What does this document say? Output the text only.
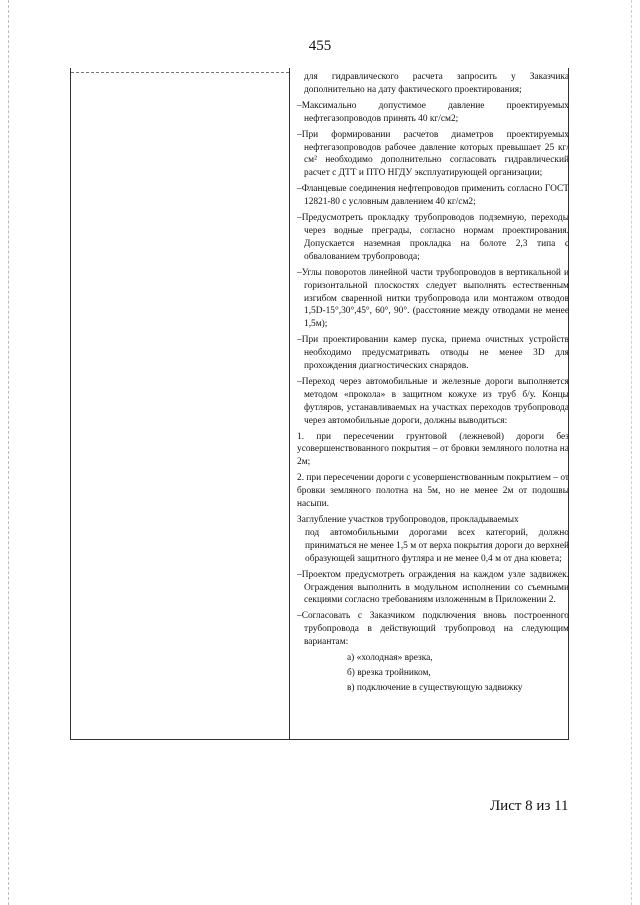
455

для гидравлического расчета запросить у Заказчика дополнительно на дату фактического проектирования;

–Максимально допустимое давление проектируемых нефтегазопроводов принять 40 кг/см2;

–При формировании расчетов диаметров проектируемых нефтегазопроводов рабочее давление которых превышает 25 кг/см² необходимо дополнительно согласовать гидравлический расчет с ДТТ и ПТО НГДУ эксплуатирующей организации;

–Фланцевые соединения нефтепроводов применить согласно ГОСТ 12821-80 с условным давлением 40 кг/см2;

–Предусмотреть прокладку трубопроводов подземную, переходы через водные преграды, согласно нормам проектирования. Допускается наземная прокладка на болоте 2,3 типа с обвалованием трубопровода;

–Углы поворотов линейной части трубопроводов в вертикальной и горизонтальной плоскостях следует выполнять естественным изгибом сваренной нитки трубопровода или монтажом отводов 1,5D-15°,30°,45°, 60°, 90°. (расстояние между отводами не менее 1,5м);

–При проектировании камер пуска, приема очистных устройств необходимо предусматривать отводы не менее 3D для прохождения диагностических снарядов.

–Переход через автомобильные и железные дороги выполняется методом «прокола» в защитном кожухе из труб б/у. Концы футляров, устанавливаемых на участках переходов трубопровода через автомобильные дороги, должны выводиться:

1. при пересечении грунтовой (лежневой) дороги без усовершенствованного покрытия – от бровки земляного полотна на 2м;

2. при пересечении дороги с усовершенствованным покрытием – от бровки земляного полотна на 5м, но не менее 2м от подошвы насыпи.

Заглубление участков трубопроводов, прокладываемых

под автомобильными дорогами всех категорий, должно приниматься не менее 1,5 м от верха покрытия дороги до верхней образующей защитного футляра и не менее 0,4 м от дна кювета;

–Проектом предусмотреть ограждения на каждом узле задвижек. Ограждения выполнить в модульном исполнении со съемными секциями согласно требованиям изложенным в Приложении 2.

–Согласовать с Заказчиком подключения вновь построенного трубопровода в действующий трубопровод на следующим вариантам:

а) «холодная» врезка,

б) врезка тройником,

в) подключение в существующую задвижку

Лист 8 из 11
